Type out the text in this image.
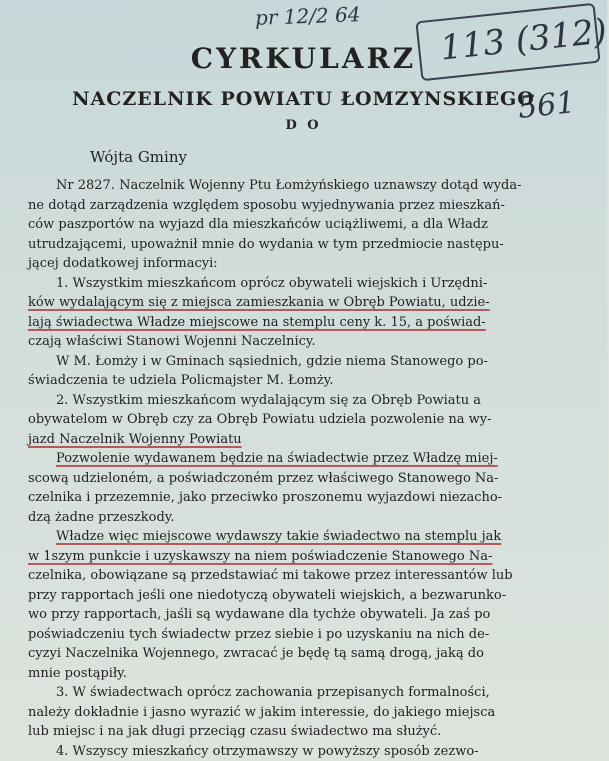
pr 12/2 64 113 (312)
561
CYRKULARZ
NACZELNIK POWIATU ŁOMZYNSKIEGO
D O
Wójta Gminy
Nr 2827. Naczelnik Wojenny Ptu Łomżyńskiego uznawszy dotąd wyda-
ne dotąd zarządzenia względem sposobu wyjednywania przez mieszkań-
ców paszportów na wyjazd dla mieszkańców uciążliwemi, a dla Władz
utrudzającemi, upoważnił mnie do wydania w tym przedmiocie następu-
jącej dodatkowej informacyi:
1. Wszystkim mieszkańcom oprócz obywateli wiejskich i Urzędni-
ków wydalającym się z miejsca zamieszkania w Obręb Powiatu, udzie-
lają świadectwa Władze miejscowe na stemplu ceny k. 15, a poświad-
czają właściwi Stanowi Wojenni Naczelnicy.
W M. Łomży i w Gminach sąsiednich, gdzie niema Stanowego po-
świadczenia te udziela Policmajster M. Łomży.
2. Wszystkim mieszkańcom wydalającym się za Obręb Powiatu a
obywatelom w Obręb czy za Obręb Powiatu udziela pozwolenie na wy-
jazd Naczelnik Wojenny Powiatu
Pozwolenie wydawanem będzie na świadectwie przez Władzę miej-
scową udzieloném, a poświadczoném przez właściwego Stanowego Na-
czelnika i przezemnie, jako przeciwko proszonemu wyjazdowi niezacho-
dzą żadne przeszkody.
Władze więc miejscowe wydawszy takie świadectwo na stemplu jak
w 1szym punkcie i uzyskawszy na niem poświadczenie Stanowego Na-
czelnika, obowiązane są przedstawiać mi takowe przez interessantów lub
przy rapportach jeśli one niedotyczą obywateli wiejskich, a bezwarunko-
wo przy rapportach, jaśli są wydawane dla tychże obywateli. Ja zaś po
poświadczeniu tych świadectw przez siebie i po uzyskaniu na nich de-
cyzyi Naczelnika Wojennego, zwracać je będę tą samą drogą, jaką do
mnie postąpiły.
3. W świadectwach oprócz zachowania przepisanych formalności,
należy dokładnie i jasno wyrazić w jakim interessie, do jakiego miejsca
lub miejsc i na jak długi przeciąg czasu świadectwo ma służyć.
4. Wszyscy mieszkańcy otrzymawszy w powyższy sposób zezwo-
